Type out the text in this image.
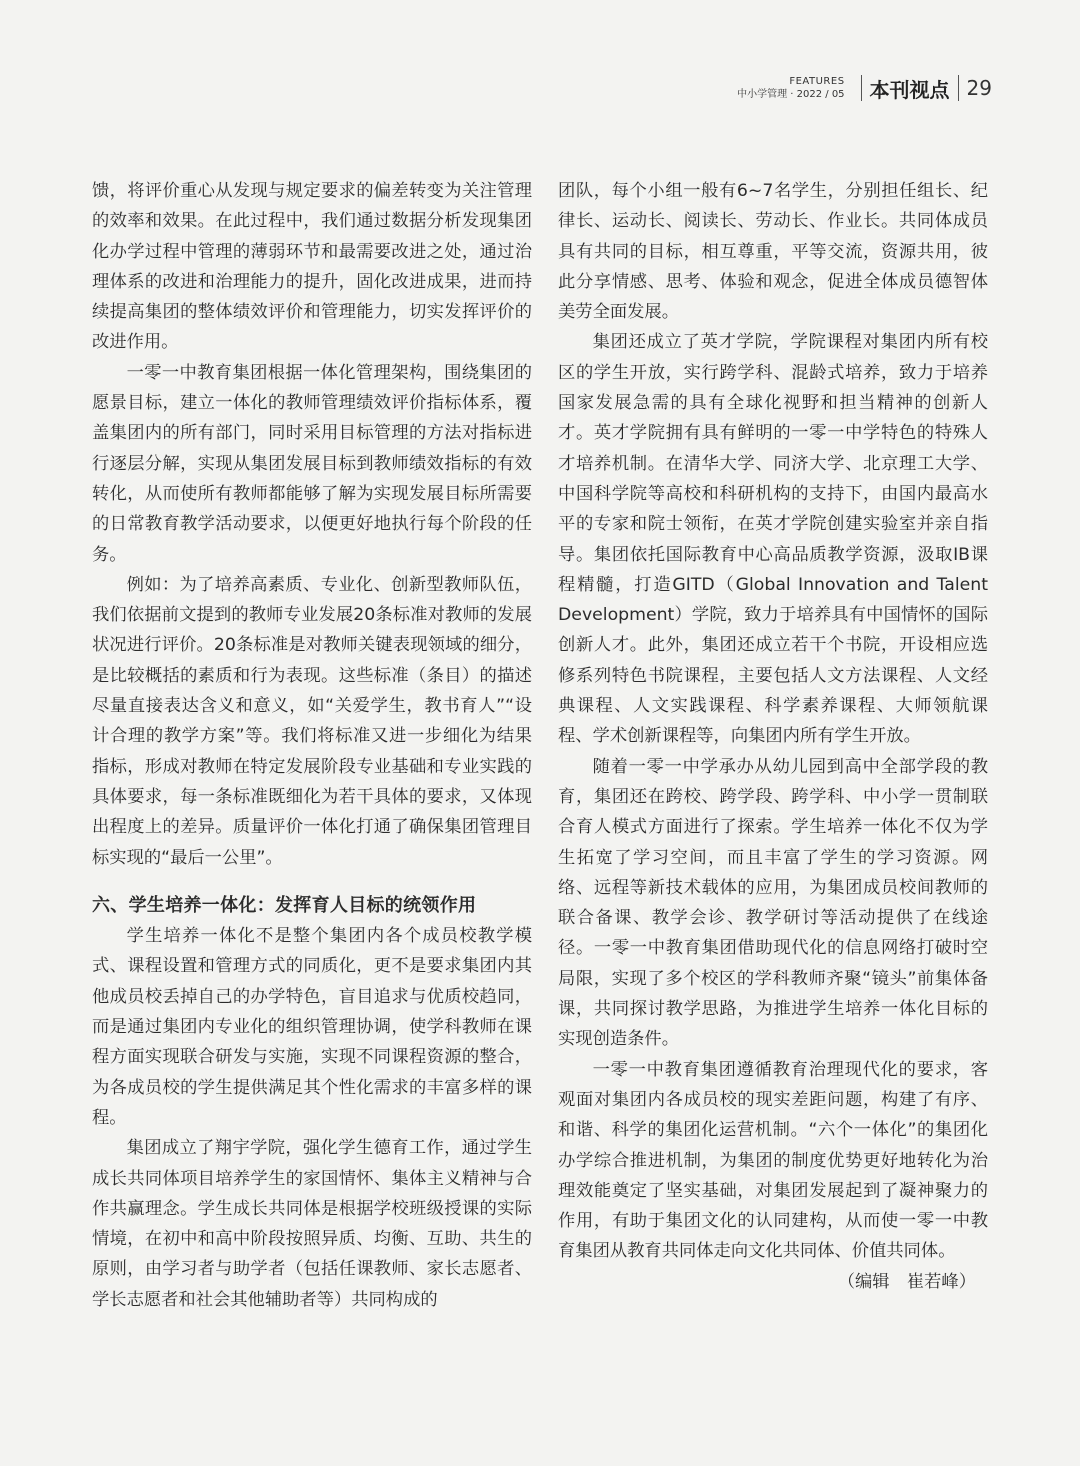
FEATURES
中小学管理 · 2022 / 05 本刊视点 29

馈，将评价重心从发现与规定要求的偏差转变为关注管理的效率和效果。在此过程中，我们通过数据分析发现集团化办学过程中管理的薄弱环节和最需要改进之处，通过治理体系的改进和治理能力的提升，固化改进成果，进而持续提高集团的整体绩效评价和管理能力，切实发挥评价的改进作用。

一零一中教育集团根据一体化管理架构，围绕集团的愿景目标，建立一体化的教师管理绩效评价指标体系，覆盖集团内的所有部门，同时采用目标管理的方法对指标进行逐层分解，实现从集团发展目标到教师绩效指标的有效转化，从而使所有教师都能够了解为实现发展目标所需要的日常教育教学活动要求，以便更好地执行每个阶段的任务。

例如：为了培养高素质、专业化、创新型教师队伍，我们依据前文提到的教师专业发展20条标准对教师的发展状况进行评价。20条标准是对教师关键表现领域的细分，是比较概括的素质和行为表现。这些标准（条目）的描述尽量直接表达含义和意义，如“关爱学生，教书育人”“设计合理的教学方案”等。我们将标准又进一步细化为结果指标，形成对教师在特定发展阶段专业基础和专业实践的具体要求，每一条标准既细化为若干具体的要求，又体现出程度上的差异。质量评价一体化打通了确保集团管理目标实现的“最后一公里”。

六、学生培养一体化：发挥育人目标的统领作用

学生培养一体化不是整个集团内各个成员校教学模式、课程设置和管理方式的同质化，更不是要求集团内其他成员校丢掉自己的办学特色，盲目追求与优质校趋同，而是通过集团内专业化的组织管理协调，使学科教师在课程方面实现联合研发与实施，实现不同课程资源的整合，为各成员校的学生提供满足其个性化需求的丰富多样的课程。

集团成立了翔宇学院，强化学生德育工作，通过学生成长共同体项目培养学生的家国情怀、集体主义精神与合作共赢理念。学生成长共同体是根据学校班级授课的实际情境，在初中和高中阶段按照异质、均衡、互助、共生的原则，由学习者与助学者（包括任课教师、家长志愿者、学长志愿者和社会其他辅助者等）共同构成的

团队，每个小组一般有6~7名学生，分别担任组长、纪律长、运动长、阅读长、劳动长、作业长。共同体成员具有共同的目标，相互尊重，平等交流，资源共用，彼此分享情感、思考、体验和观念，促进全体成员德智体美劳全面发展。

集团还成立了英才学院，学院课程对集团内所有校区的学生开放，实行跨学科、混龄式培养，致力于培养国家发展急需的具有全球化视野和担当精神的创新人才。英才学院拥有具有鲜明的一零一中学特色的特殊人才培养机制。在清华大学、同济大学、北京理工大学、中国科学院等高校和科研机构的支持下，由国内最高水平的专家和院士领衔，在英才学院创建实验室并亲自指导。集团依托国际教育中心高品质教学资源，汲取IB课程精髓，打造GITD（Global Innovation and Talent Development）学院，致力于培养具有中国情怀的国际创新人才。此外，集团还成立若干个书院，开设相应选修系列特色书院课程，主要包括人文方法课程、人文经典课程、人文实践课程、科学素养课程、大师领航课程、学术创新课程等，向集团内所有学生开放。

随着一零一中学承办从幼儿园到高中全部学段的教育，集团还在跨校、跨学段、跨学科、中小学一贯制联合育人模式方面进行了探索。学生培养一体化不仅为学生拓宽了学习空间，而且丰富了学生的学习资源。网络、远程等新技术载体的应用，为集团成员校间教师的联合备课、教学会诊、教学研讨等活动提供了在线途径。一零一中教育集团借助现代化的信息网络打破时空局限，实现了多个校区的学科教师齐聚“镜头”前集体备课，共同探讨教学思路，为推进学生培养一体化目标的实现创造条件。

一零一中教育集团遵循教育治理现代化的要求，客观面对集团内各成员校的现实差距问题，构建了有序、和谐、科学的集团化运营机制。“六个一体化”的集团化办学综合推进机制，为集团的制度优势更好地转化为治理效能奠定了坚实基础，对集团发展起到了凝神聚力的作用，有助于集团文化的认同建构，从而使一零一中教育集团从教育共同体走向文化共同体、价值共同体。

（编辑　崔若峰）
